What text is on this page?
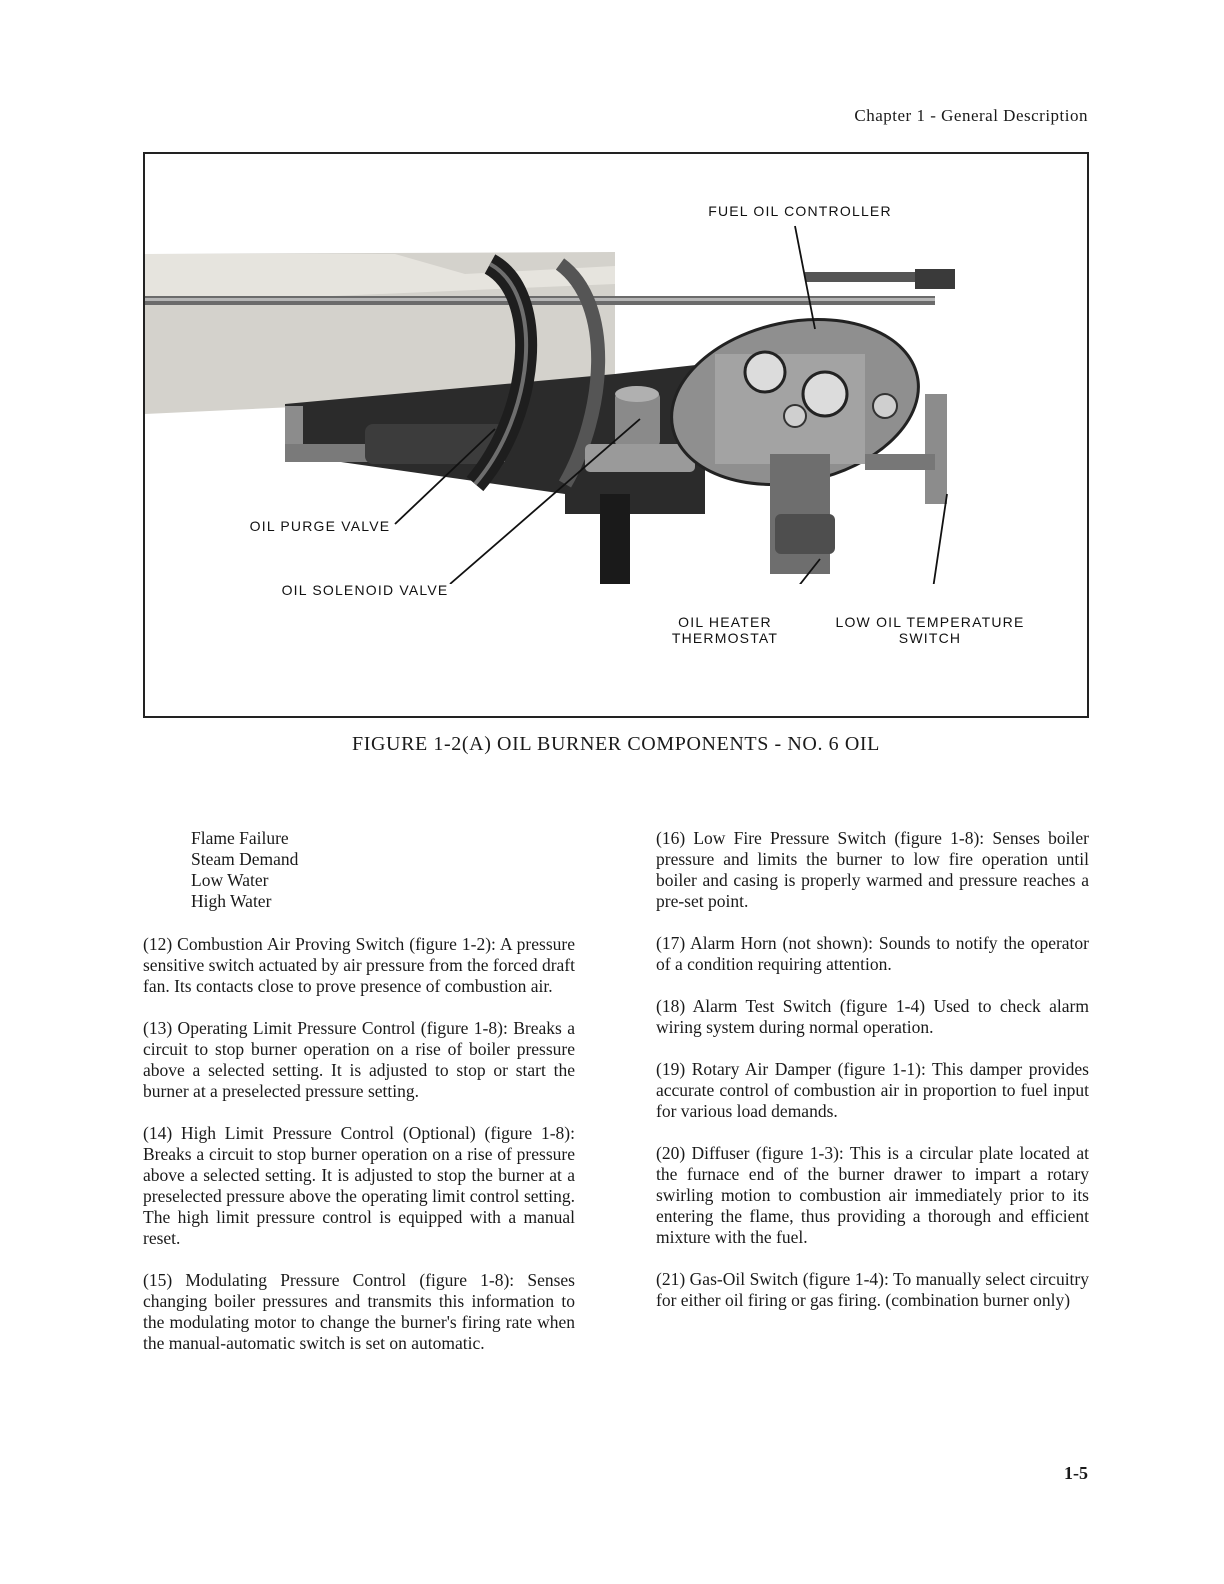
Chapter 1 - General Description
FUEL OIL CONTROLLER
OIL PURGE VALVE
OIL SOLENOID VALVE
OIL HEATER
THERMOSTAT
LOW OIL TEMPERATURE
SWITCH
FIGURE 1-2(A) OIL BURNER COMPONENTS - NO. 6 OIL
Flame Failure
Steam Demand
Low Water
High Water

(12) Combustion Air Proving Switch (figure 1-2): A pressure sensitive switch actuated by air pressure from the forced draft fan. Its contacts close to prove presence of combustion air.

(13) Operating Limit Pressure Control (figure 1-8): Breaks a circuit to stop burner operation on a rise of boiler pressure above a selected setting. It is adjusted to stop or start the burner at a preselected pressure setting.

(14) High Limit Pressure Control (Optional) (figure 1-8): Breaks a circuit to stop burner operation on a rise of pressure above a selected setting. It is adjusted to stop the burner at a preselected pressure above the operating limit control setting. The high limit pressure control is equipped with a manual reset.

(15) Modulating Pressure Control (figure 1-8): Senses changing boiler pressures and transmits this information to the modulating motor to change the burner's firing rate when the manual-automatic switch is set on automatic.

(16) Low Fire Pressure Switch (figure 1-8): Senses boiler pressure and limits the burner to low fire operation until boiler and casing is properly warmed and pressure reaches a pre-set point.

(17) Alarm Horn (not shown): Sounds to notify the operator of a condition requiring attention.

(18) Alarm Test Switch (figure 1-4) Used to check alarm wiring system during normal operation.

(19) Rotary Air Damper (figure 1-1): This damper provides accurate control of combustion air in proportion to fuel input for various load demands.

(20) Diffuser (figure 1-3): This is a circular plate located at the furnace end of the burner drawer to impart a rotary swirling motion to combustion air immediately prior to its entering the flame, thus providing a thorough and efficient mixture with the fuel.

(21) Gas-Oil Switch (figure 1-4): To manually select circuitry for either oil firing or gas firing. (combination burner only)

1-5
